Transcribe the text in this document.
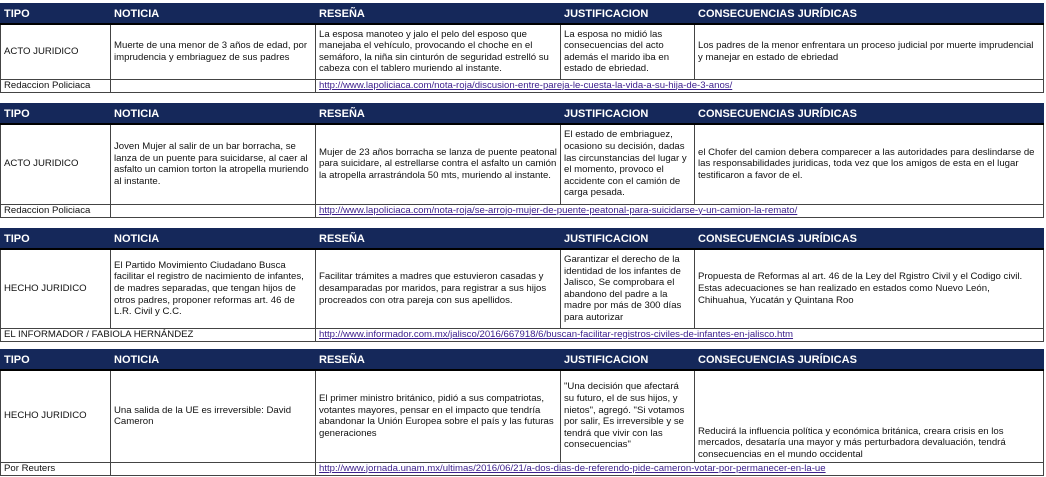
TIPO	NOTICIA	RESEÑA	JUSTIFICACION	CONSECUENCIAS JURÍDICAS
ACTO JURIDICO	Muerte de una menor de 3 años de edad, por imprudencia y embriaguez de sus padres	La esposa manoteo y jalo el pelo del esposo que manejaba el vehículo, provocando el choche en el semáforo, la niña sin cinturón de seguridad estrelló su cabeza con el tablero muriendo al instante.	La esposa no midió las consecuencias del acto además el marido iba en estado de ebriedad.	Los padres de la menor enfrentara un proceso judicial por muerte imprudencial y manejar en estado de ebriedad
Redaccion Policiaca		http://www.lapoliciaca.com/nota-roja/discusion-entre-pareja-le-cuesta-la-vida-a-su-hija-de-3-anos/		
TIPO	NOTICIA	RESEÑA	JUSTIFICACION	CONSECUENCIAS JURÍDICAS
ACTO JURIDICO	Joven Mujer al salir de un bar borracha, se lanza de un puente para suicidarse, al caer al asfalto un camion torton la atropella muriendo al instante.	Mujer de 23 años borracha se lanza de puente peatonal para suicidare, al estrellarse contra el asfalto un camión la atropella arrastrándola 50 mts, muriendo al instante.	El estado de embriaguez, ocasiono su decisión, dadas las circunstancias del lugar y el momento, provoco el accidente con el camión de carga pesada.	el Chofer del camion debera comparecer a las autoridades para deslindarse de las responsabilidades juridicas, toda vez que los amigos de esta en el lugar testificaron a favor de el.
Redaccion Policiaca		http://www.lapoliciaca.com/nota-roja/se-arrojo-mujer-de-puente-peatonal-para-suicidarse-y-un-camion-la-remato/		
TIPO	NOTICIA	RESEÑA	JUSTIFICACION	CONSECUENCIAS JURÍDICAS
HECHO JURIDICO	El Partido Movimiento Ciudadano Busca facilitar el registro de nacimiento de infantes, de madres separadas, que tengan hijos de otros padres, proponer reformas art. 46 de L.R. Civil y C.C.	Facilitar trámites a madres que estuvieron casadas y desamparadas por maridos, para registrar a sus hijos procreados con otra pareja con sus apellidos.	Garantizar el derecho de la identidad de los infantes de Jalisco, Se comprobara el abandono del padre a la madre por más de 300 días para autorizar	Propuesta de Reformas al art. 46 de la Ley del Rgistro Civil y el Codigo civil. Estas adecuaciones se han realizado en estados como Nuevo León, Chihuahua, Yucatán y Quintana Roo
EL INFORMADOR / FABIOLA HERNÁNDEZ		http://www.informador.com.mx/jalisco/2016/667918/6/buscan-facilitar-registros-civiles-de-infantes-en-jalisco.htm		
TIPO	NOTICIA	RESEÑA	JUSTIFICACION	CONSECUENCIAS JURÍDICAS
HECHO JURIDICO	Una salida de la UE es irreversible: David Cameron	El primer ministro británico, pidió a sus compatriotas, votantes mayores, pensar en el impacto que tendría abandonar la Unión Europea sobre el país y las futuras generaciones	"Una decisión que afectará su futuro, el de sus hijos, y nietos", agregó. "Si votamos por salir, Es irreversible y se tendrá que vivir con las consecuencias"	Reducirá la influencia política y económica británica, creara crisis en los mercados, desataría una mayor y más perturbadora devaluación, tendrá consecuencias en el mundo occidental
Por Reuters		http://www.jornada.unam.mx/ultimas/2016/06/21/a-dos-dias-de-referendo-pide-cameron-votar-por-permanecer-en-la-ue		
